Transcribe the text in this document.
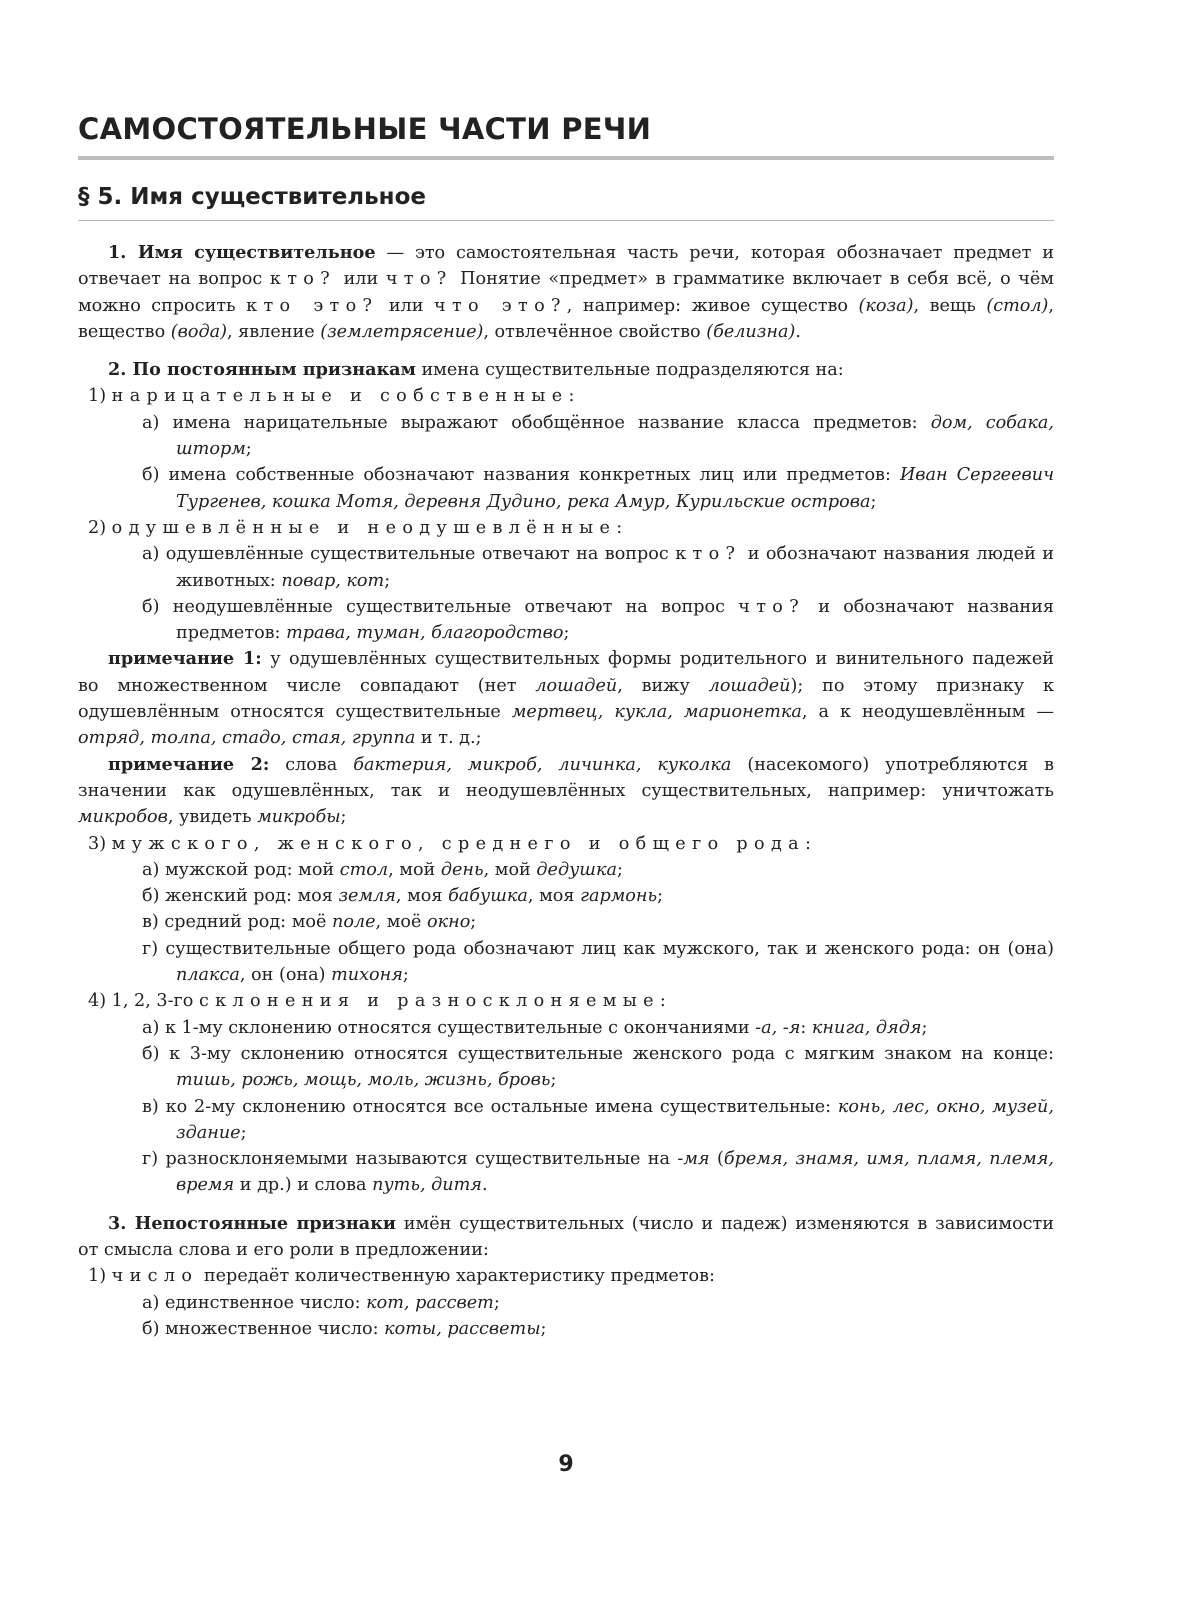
САМОСТОЯТЕЛЬНЫЕ ЧАСТИ РЕЧИ
§ 5. Имя существительное

1. Имя существительное — это самостоятельная часть речи, которая обозначает предмет и отвечает на вопрос кто? или что? Понятие «предмет» в грамматике включает в себя всё, о чём можно спросить кто это? или что это?, например: живое существо (коза), вещь (стол), вещество (вода), явление (землетрясение), отвлечённое свойство (белизна).

2. По постоянным признакам имена существительные подразделяются на:

1) нарицательные и собственные:

а) имена нарицательные выражают обобщённое название класса предметов: дом, собака, шторм;

б) имена собственные обозначают названия конкретных лиц или предметов: Иван Сергеевич Тургенев, кошка Мотя, деревня Дудино, река Амур, Курильские острова;

2) одушевлённые и неодушевлённые:

а) одушевлённые существительные отвечают на вопрос кто? и обозначают названия людей и животных: повар, кот;

б) неодушевлённые существительные отвечают на вопрос что? и обозначают названия предметов: трава, туман, благородство;

примечание 1: у одушевлённых существительных формы родительного и винительного падежей во множественном числе совпадают (нет лошадей, вижу лошадей); по этому признаку к одушевлённым относятся существительные мертвец, кукла, марионетка, а к неодушевлённым — отряд, толпа, стадо, стая, группа и т. д.;

примечание 2: слова бактерия, микроб, личинка, куколка (насекомого) употребляются в значении как одушевлённых, так и неодушевлённых существительных, например: уничтожать микробов, увидеть микробы;

3) мужского, женского, среднего и общего рода:

а) мужской род: мой стол, мой день, мой дедушка;

б) женский род: моя земля, моя бабушка, моя гармонь;

в) средний род: моё поле, моё окно;

г) существительные общего рода обозначают лиц как мужского, так и женского рода: он (она) плакса, он (она) тихоня;

4) 1, 2, 3-го склонения и разносклоняемые:

а) к 1-му склонению относятся существительные с окончаниями -а, -я: книга, дядя;

б) к 3-му склонению относятся существительные женского рода с мягким знаком на конце: тишь, рожь, мощь, моль, жизнь, бровь;

в) ко 2-му склонению относятся все остальные имена существительные: конь, лес, окно, музей, здание;

г) разносклоняемыми называются существительные на -мя (бремя, знамя, имя, пламя, племя, время и др.) и слова путь, дитя.

3. Непостоянные признаки имён существительных (число и падеж) изменяются в зависимости от смысла слова и его роли в предложении:

1) число передаёт количественную характеристику предметов:

а) единственное число: кот, рассвет;

б) множественное число: коты, рассветы;

9
